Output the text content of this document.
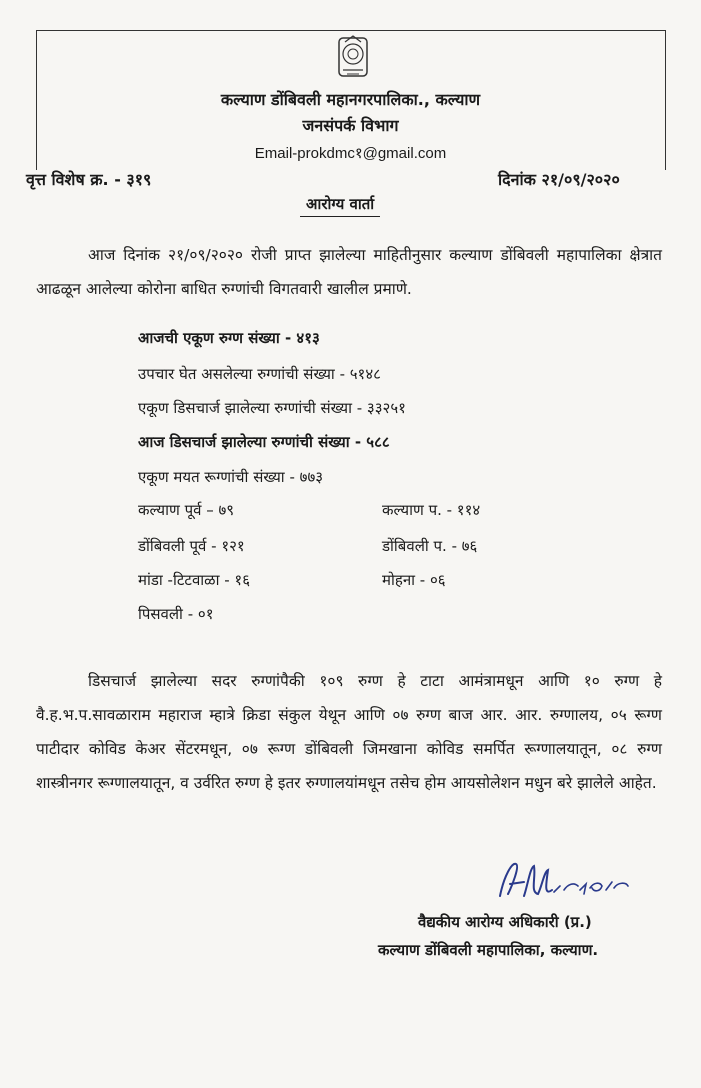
कल्याण डोंबिवली महानगरपालिका., कल्याण
जनसंपर्क विभाग
Email-prokdmc१@gmail.com
वृत्त विशेष क्र. - ३१९	दिनांक २१/०९/२०२०
आरोग्य वार्ता
आज दिनांक २१/०९/२०२० रोजी प्राप्त झालेल्या माहितीनुसार कल्याण डोंबिवली महापालिका क्षेत्रात आढळून आलेल्या कोरोना बाधित रुग्णांची विगतवारी खालील प्रमाणे.
आजची एकूण रुग्ण संख्या - ४१३
उपचार घेत असलेल्या रुग्णांची संख्या - ५१४८
एकूण डिसचार्ज झालेल्या रुग्णांची संख्या - ३३२५१
आज डिसचार्ज झालेल्या रुग्णांची संख्या - ५८८
एकूण मयत रूग्णांची संख्या - ७७३
कल्याण पूर्व – ७९	कल्याण प. - ११४
डोंबिवली पूर्व - १२१	डोंबिवली प. - ७६
मांडा -टिटवाळा - १६	मोहना - ०६
पिसवली - ०१
डिसचार्ज झालेल्या सदर रुग्णांपैकी १०९ रुग्ण हे टाटा आमंत्रामधून आणि १० रुग्ण हे वै.ह.भ.प.सावळाराम महाराज म्हात्रे क्रिडा संकुल येथून आणि ०७ रुग्ण बाज आर. आर. रुग्णालय, ०५ रूग्ण पाटीदार कोविड केअर सेंटरमधून, ०७ रूग्ण डोंबिवली जिमखाना कोविड समर्पित रूग्णालयातून, ०८ रुग्ण शास्त्रीनगर रूग्णालयातून, व उर्वरित रुग्ण हे इतर रुग्णालयांमधून तसेच होम आयसोलेशन मधुन बरे झालेले आहेत.
वैद्यकीय आरोग्य अधिकारी (प्र.)
कल्याण डोंबिवली महापालिका, कल्याण.
